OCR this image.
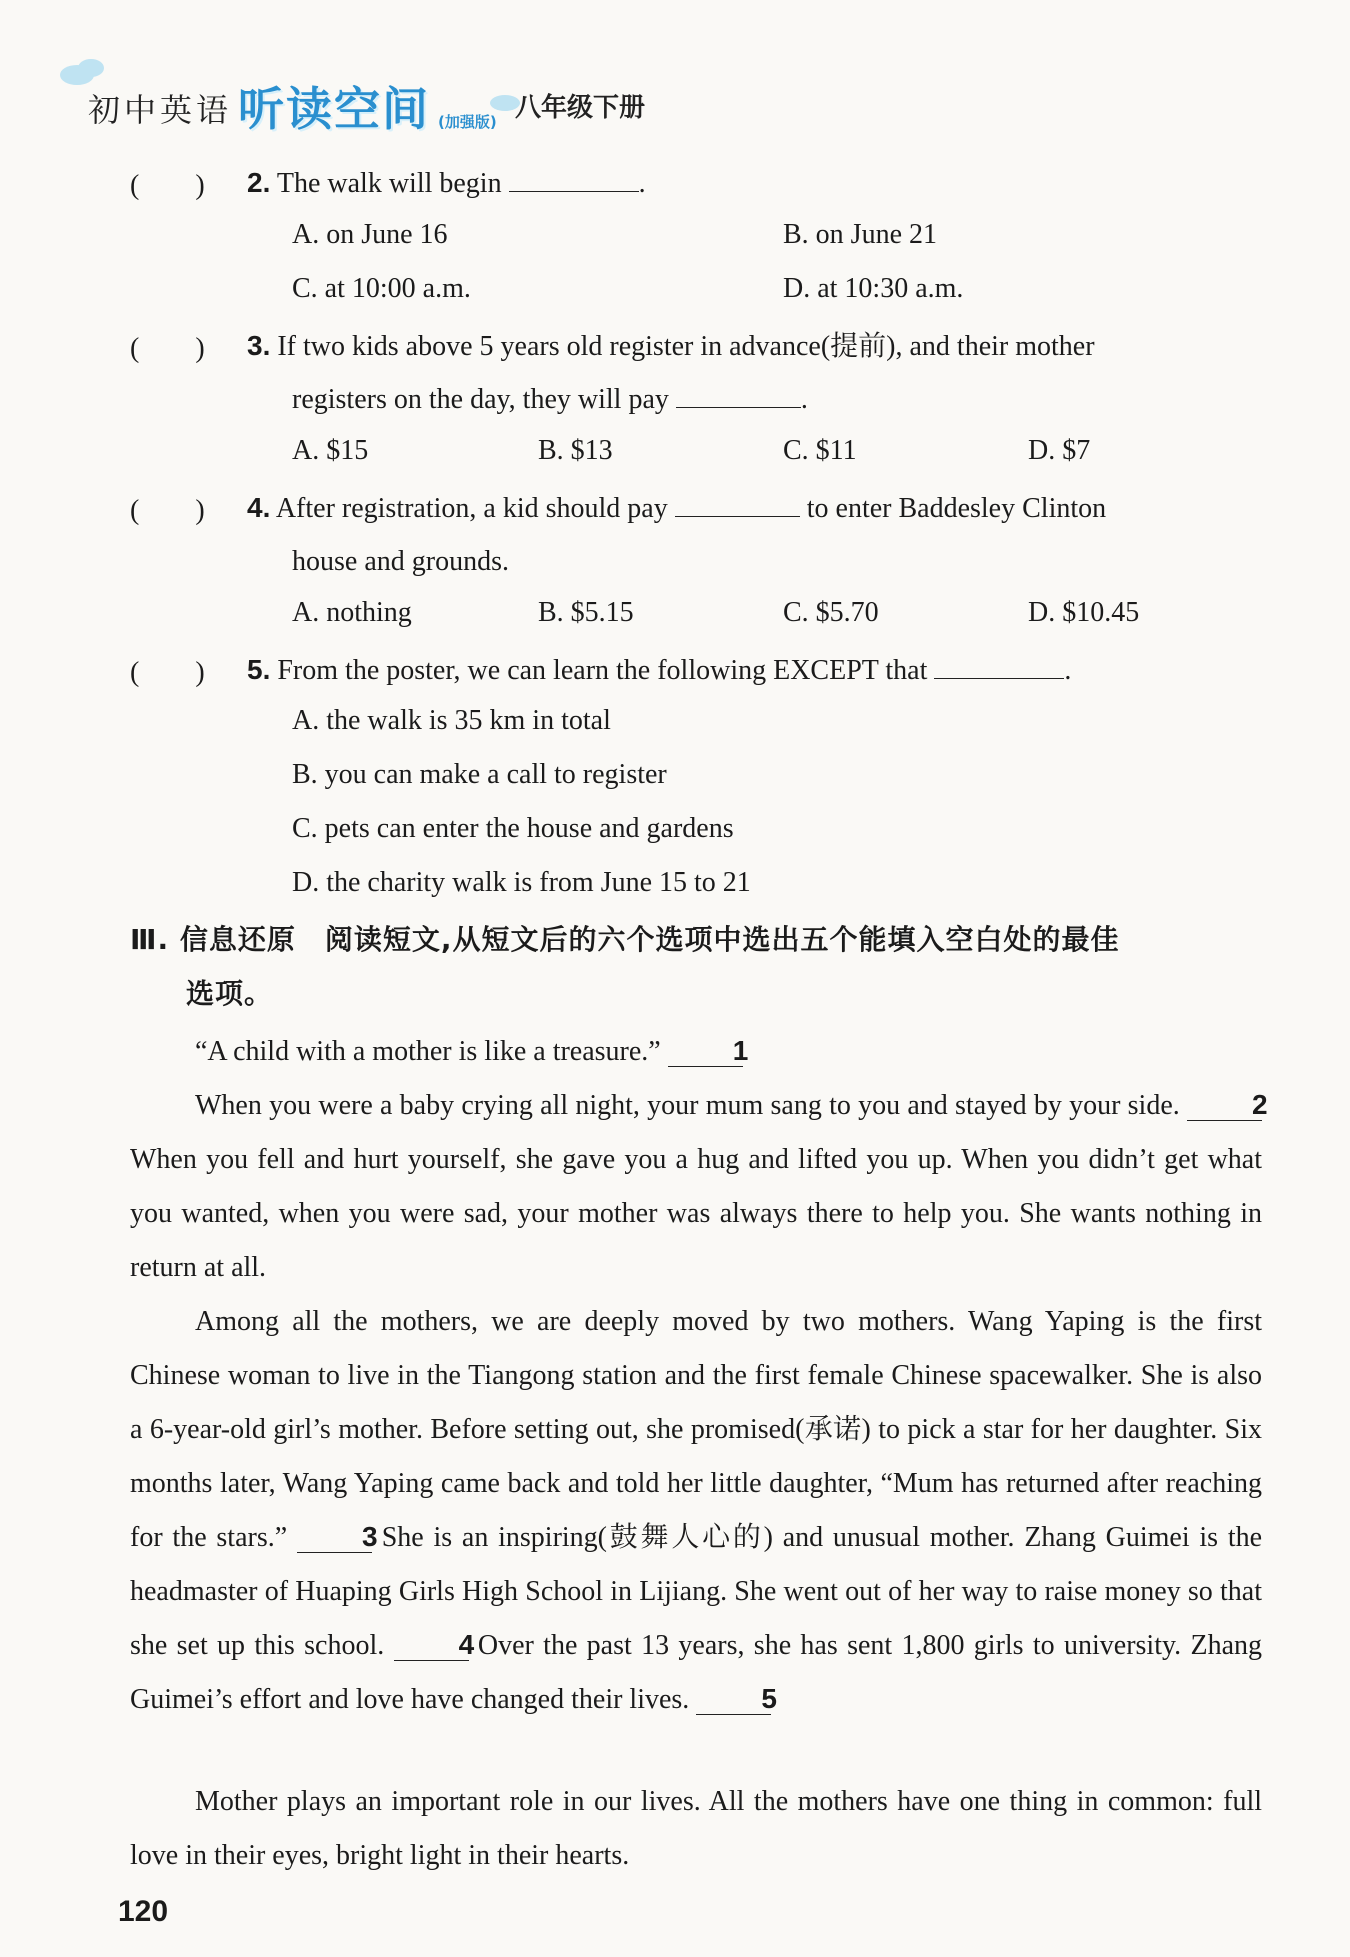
初中英语 听读空间 (加强版) 八年级下册
(　　) 2. The walk will begin	.
A. on June 16	B. on June 21
C. at 10:00 a.m.	D. at 10:30 a.m.
(　　) 3. If two kids above 5 years old register in advance(提前), and their mother
registers on the day, they will pay	.
A. $15	B. $13	C. $11	D. $7
(　　) 4. After registration, a kid should pay	to enter Baddesley Clinton
house and grounds.
A. nothing	B. $5.15	C. $5.70	D. $10.45
(　　) 5. From the poster, we can learn the following EXCEPT that	.
A. the walk is 35 km in total
B. you can make a call to register
C. pets can enter the house and gardens
D. the charity walk is from June 15 to 21
Ⅲ. 信息还原　阅读短文,从短文后的六个选项中选出五个能填入空白处的最佳
选项。
“A child with a mother is like a treasure.”	1
When you were a baby crying all night, your mum sang to you and stayed by your side.	2 When you fell and hurt yourself, she gave you a hug and lifted you up. When you didn’t get what you wanted, when you were sad, your mother was always there to help you. She wants nothing in return at all.
Among all the mothers, we are deeply moved by two mothers. Wang Yaping is the first Chinese woman to live in the Tiangong station and the first female Chinese spacewalker. She is also a 6-year-old girl’s mother. Before setting out, she promised(承诺) to pick a star for her daughter. Six months later, Wang Yaping came back and told her little daughter, “Mum has returned after reaching for the stars.”	3 She is an inspiring(鼓舞人心的) and unusual mother. Zhang Guimei is the headmaster of Huaping Girls High School in Lijiang. She went out of her way to raise money so that she set up this school.	4 Over the past 13 years, she has sent 1,800 girls to university. Zhang Guimei’s effort and love have changed their lives.	5
Mother plays an important role in our lives. All the mothers have one thing in common: full love in their eyes, bright light in their hearts.
120
